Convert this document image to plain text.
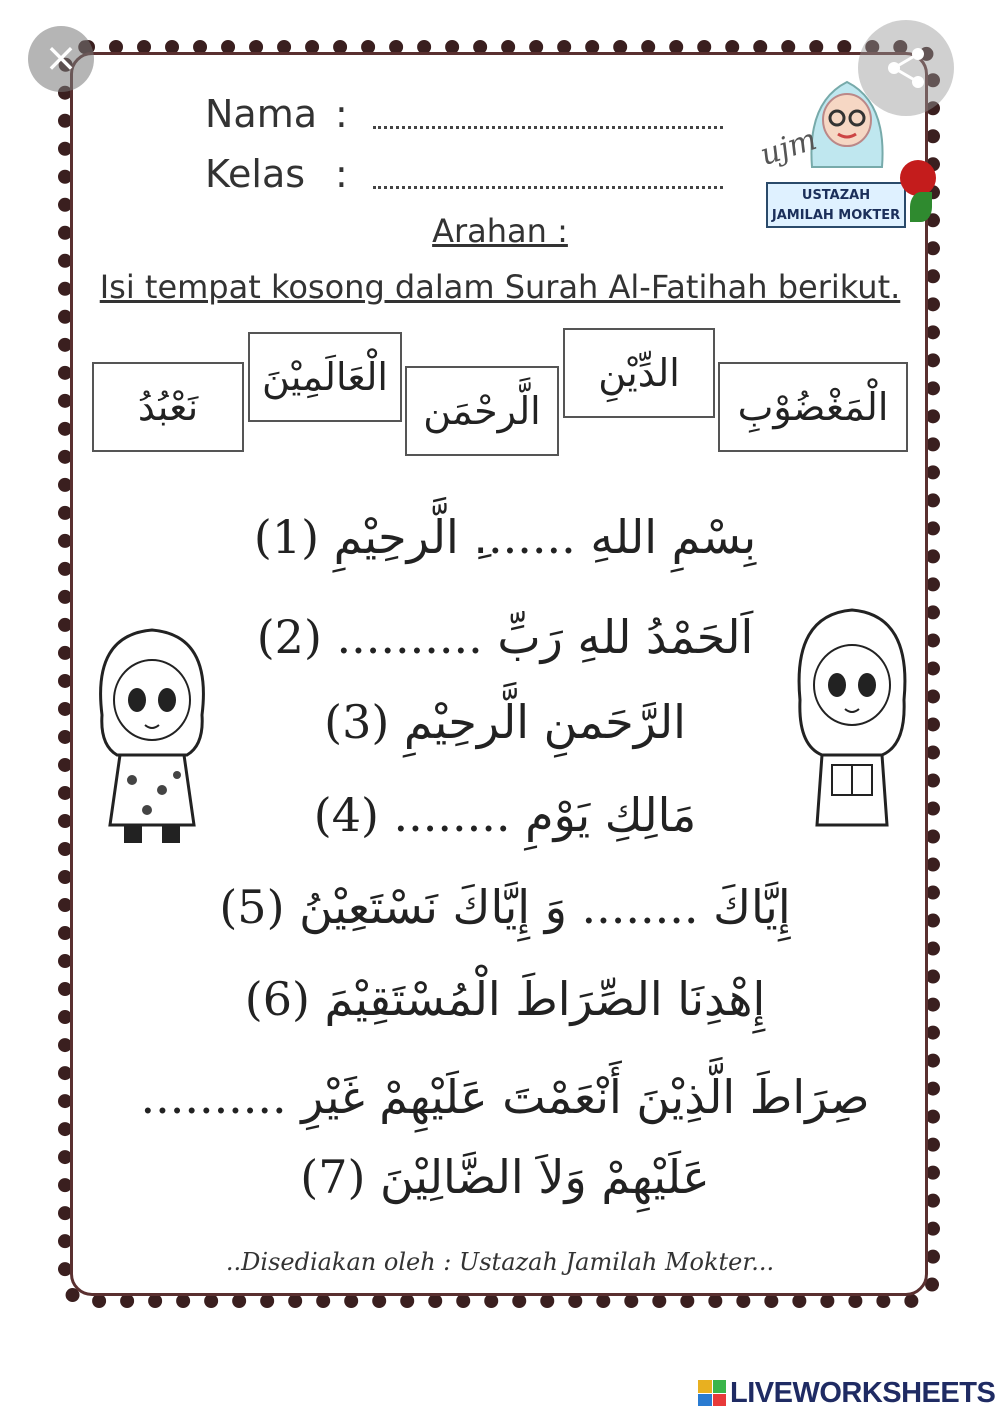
×
Nama :
Kelas :
ujm
USTAZAH
JAMILAH MOKTER
Arahan :
Isi tempat kosong dalam Surah Al-Fatihah berikut.
نَعْبُدُ
الْعَالَمِيْنَ
الَّرحْمَن
الدِّيْنِ
الْمَغْضُوْبِ
بِسْمِ اللهِ .......ِ الَّرحِيْمِ (1)
اَلحَمْدُ للهِ رَبِّ .......... (2)
الرَّحَمنِ الَّرحِيْمِ (3)
مَالِكِ يَوْمِ ........ (4)
إِيَّاكَ ........ وَ إِيَّاكَ نَسْتَعِيْنُ (5)
إِهْدِنَا الصِّرَاطَ الْمُسْتَقِيْمَ (6)
صِرَاطَ الَّذِيْنَ أَنْعَمْتَ عَلَيْهِمْ غَيْرِ ..........
عَلَيْهِمْ وَلاَ الضَّالِيْنَ (7)
..Disediakan oleh : Ustazah Jamilah Mokter...
LIVEWORKSHEETS
